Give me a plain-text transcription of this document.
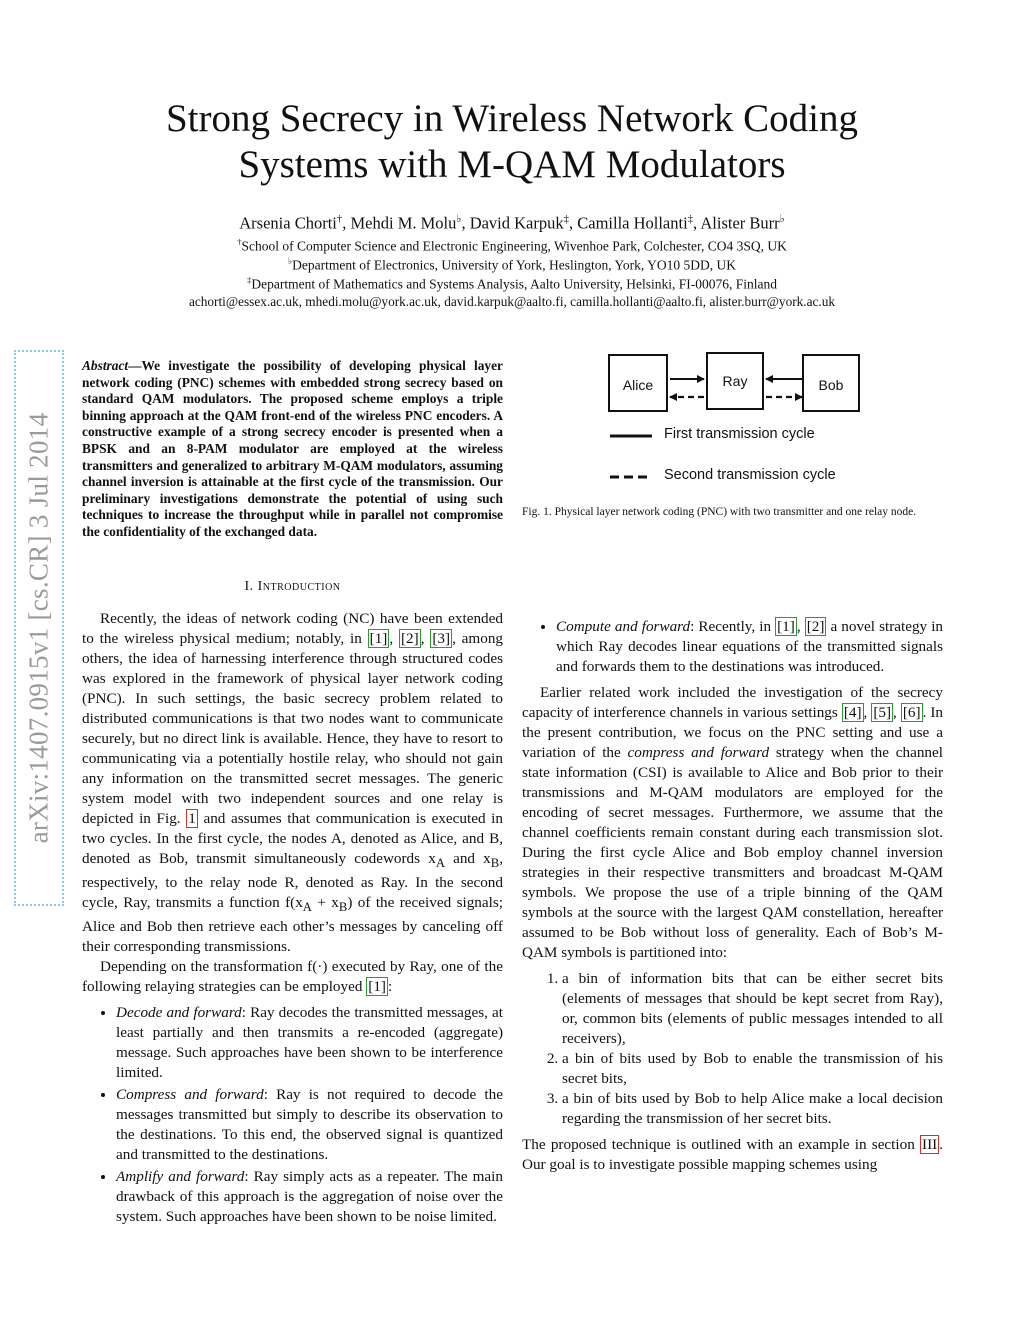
Strong Secrecy in Wireless Network Coding
Systems with M-QAM Modulators
Arsenia Chorti†, Mehdi M. Molu♭, David Karpuk‡, Camilla Hollanti‡, Alister Burr♭
†School of Computer Science and Electronic Engineering, Wivenhoe Park, Colchester, CO4 3SQ, UK
♭Department of Electronics, University of York, Heslington, York, YO10 5DD, UK
‡Department of Mathematics and Systems Analysis, Aalto University, Helsinki, FI-00076, Finland
achorti@essex.ac.uk, mhedi.molu@york.ac.uk, david.karpuk@aalto.fi, camilla.hollanti@aalto.fi, alister.burr@york.ac.uk
arXiv:1407.0915v1 [cs.CR] 3 Jul 2014
Abstract—We investigate the possibility of developing physical layer network coding (PNC) schemes with embedded strong secrecy based on standard QAM modulators. The proposed scheme employs a triple binning approach at the QAM front-end of the wireless PNC encoders. A constructive example of a strong secrecy encoder is presented when a BPSK and an 8-PAM modulator are employed at the wireless transmitters and generalized to arbitrary M-QAM modulators, assuming channel inversion is attainable at the first cycle of the transmission. Our preliminary investigations demonstrate the potential of using such techniques to increase the throughput while in parallel not compromise the confidentiality of the exchanged data.
Alice	Ray	Bob
First transmission cycle
Second transmission cycle
Fig. 1. Physical layer network coding (PNC) with two transmitter and one relay node.
I. Introduction

Recently, the ideas of network coding (NC) have been extended to the wireless physical medium; notably, in [1] , [2] , [3] , among others, the idea of harnessing interference through structured codes was explored in the framework of physical layer network coding (PNC). In such settings, the basic secrecy problem related to distributed communications is that two nodes want to communicate securely, but no direct link is available. Hence, they have to resort to communicating via a potentially hostile relay, who should not gain any information on the transmitted secret messages. The generic system model with two independent sources and one relay is depicted in Fig. 1 and assumes that communication is executed in two cycles. In the first cycle, the nodes A, denoted as Alice, and B, denoted as Bob, transmit simultaneously codewords $x_A$ and $x_B$, respectively, to the relay node R, denoted as Ray. In the second cycle, Ray, transmits a function $f(x_A + x_B)$ of the received signals; Alice and Bob then retrieve each other’s messages by canceling off their corresponding transmissions.

Depending on the transformation f(·) executed by Ray, one of the following relaying strategies can be employed [1] :

• Decode and forward: Ray decodes the transmitted messages, at least partially and then transmits a re-encoded (aggregate) message. Such approaches have been shown to be interference limited.
• Compress and forward: Ray is not required to decode the messages transmitted but simply to describe its observation to the destinations. To this end, the observed signal is quantized and transmitted to the destinations.
• Amplify and forward: Ray simply acts as a repeater. The main drawback of this approach is the aggregation of noise over the system. Such approaches have been shown to be noise limited.
• Compute and forward: Recently, in [1] , [2] a novel strategy in which Ray decodes linear equations of the transmitted signals and forwards them to the destinations was introduced.

Earlier related work included the investigation of the secrecy capacity of interference channels in various settings [4] , [5] , [6] . In the present contribution, we focus on the PNC setting and use a variation of the compress and forward strategy when the channel state information (CSI) is available to Alice and Bob prior to their transmissions and M-QAM modulators are employed for the encoding of secret messages. Furthermore, we assume that the channel coefficients remain constant during each transmission slot. During the first cycle Alice and Bob employ channel inversion strategies in their respective transmitters and broadcast M-QAM symbols. We propose the use of a triple binning of the QAM symbols at the source with the largest QAM constellation, hereafter assumed to be Bob without loss of generality. Each of Bob’s M-QAM symbols is partitioned into:

1. a bin of information bits that can be either secret bits (elements of messages that should be kept secret from Ray), or, common bits (elements of public messages intended to all receivers),
2. a bin of bits used by Bob to enable the transmission of his secret bits,
3. a bin of bits used by Bob to help Alice make a local decision regarding the transmission of her secret bits.

The proposed technique is outlined with an example in section III . Our goal is to investigate possible mapping schemes using
